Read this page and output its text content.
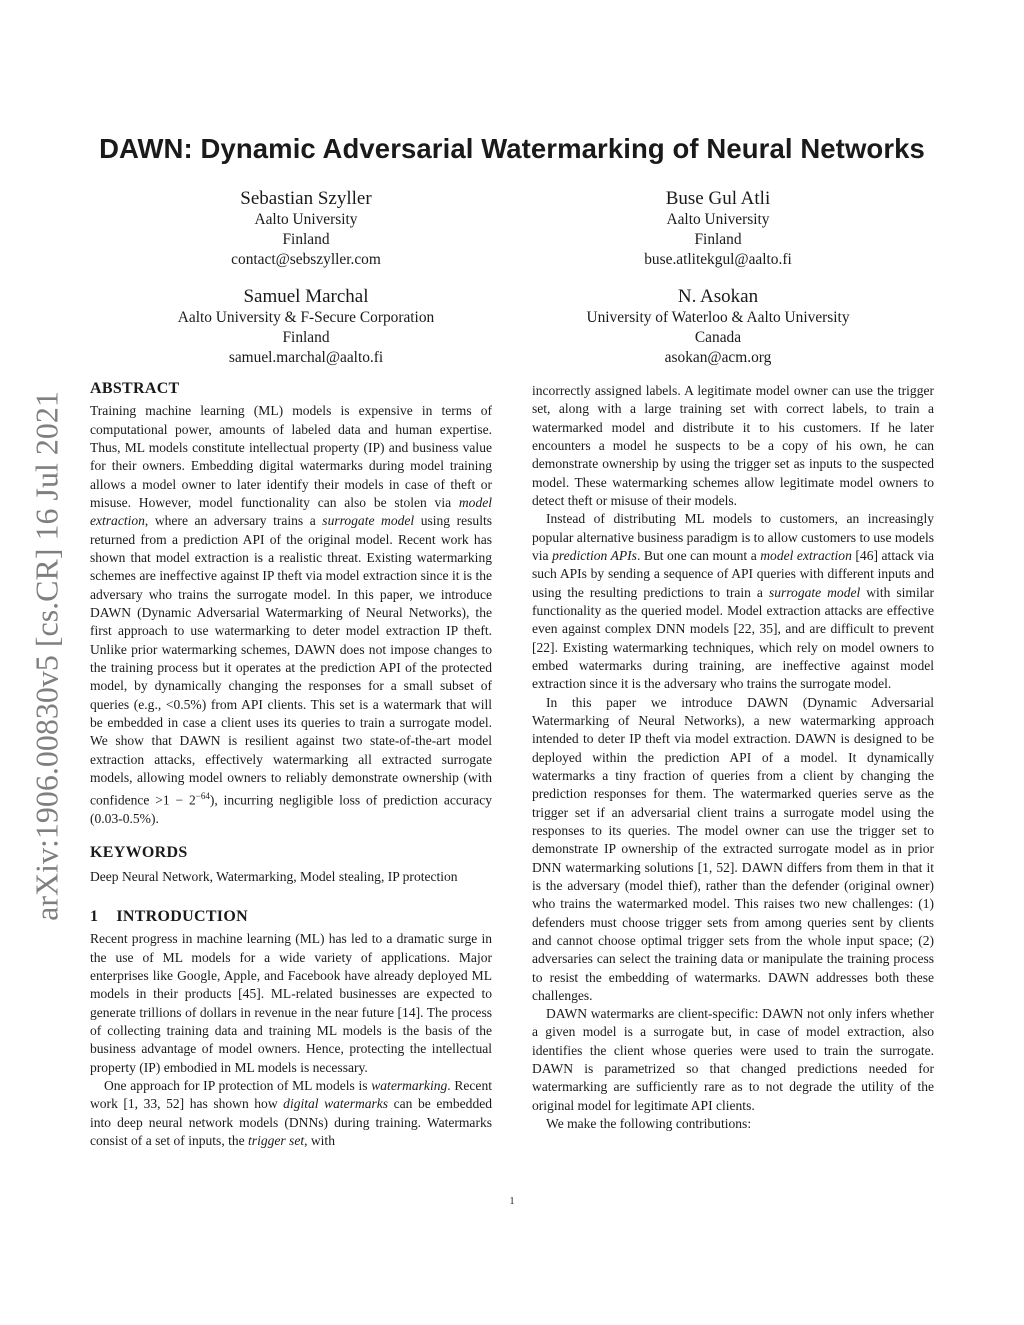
arXiv:1906.00830v5 [cs.CR] 16 Jul 2021
DAWN: Dynamic Adversarial Watermarking of Neural Networks
Sebastian Szyller
Aalto University
Finland
contact@sebszyller.com
Buse Gul Atli
Aalto University
Finland
buse.atlitekgul@aalto.fi
Samuel Marchal
Aalto University & F-Secure Corporation
Finland
samuel.marchal@aalto.fi
N. Asokan
University of Waterloo & Aalto University
Canada
asokan@acm.org
ABSTRACT

Training machine learning (ML) models is expensive in terms of computational power, amounts of labeled data and human expertise. Thus, ML models constitute intellectual property (IP) and business value for their owners. Embedding digital watermarks during model training allows a model owner to later identify their models in case of theft or misuse. However, model functionality can also be stolen via model extraction, where an adversary trains a surrogate model using results returned from a prediction API of the original model. Recent work has shown that model extraction is a realistic threat. Existing watermarking schemes are ineffective against IP theft via model extraction since it is the adversary who trains the surrogate model. In this paper, we introduce DAWN (Dynamic Adversarial Watermarking of Neural Networks), the first approach to use watermarking to deter model extraction IP theft. Unlike prior watermarking schemes, DAWN does not impose changes to the training process but it operates at the prediction API of the protected model, by dynamically changing the responses for a small subset of queries (e.g., <0.5%) from API clients. This set is a watermark that will be embedded in case a client uses its queries to train a surrogate model. We show that DAWN is resilient against two state-of-the-art model extraction attacks, effectively watermarking all extracted surrogate models, allowing model owners to reliably demonstrate ownership (with confidence $>1 - 2^{-64}$), incurring negligible loss of prediction accuracy (0.03-0.5%).

KEYWORDS

Deep Neural Network, Watermarking, Model stealing, IP protection

1 INTRODUCTION

Recent progress in machine learning (ML) has led to a dramatic surge in the use of ML models for a wide variety of applications. Major enterprises like Google, Apple, and Facebook have already deployed ML models in their products [45]. ML-related businesses are expected to generate trillions of dollars in revenue in the near future [14]. The process of collecting training data and training ML models is the basis of the business advantage of model owners. Hence, protecting the intellectual property (IP) embodied in ML models is necessary.

One approach for IP protection of ML models is watermarking. Recent work [1, 33, 52] has shown how digital watermarks can be embedded into deep neural network models (DNNs) during training. Watermarks consist of a set of inputs, the trigger set, with

incorrectly assigned labels. A legitimate model owner can use the trigger set, along with a large training set with correct labels, to train a watermarked model and distribute it to his customers. If he later encounters a model he suspects to be a copy of his own, he can demonstrate ownership by using the trigger set as inputs to the suspected model. These watermarking schemes allow legitimate model owners to detect theft or misuse of their models.

Instead of distributing ML models to customers, an increasingly popular alternative business paradigm is to allow customers to use models via prediction APIs. But one can mount a model extraction [46] attack via such APIs by sending a sequence of API queries with different inputs and using the resulting predictions to train a surrogate model with similar functionality as the queried model. Model extraction attacks are effective even against complex DNN models [22, 35], and are difficult to prevent [22]. Existing watermarking techniques, which rely on model owners to embed watermarks during training, are ineffective against model extraction since it is the adversary who trains the surrogate model.

In this paper we introduce DAWN (Dynamic Adversarial Watermarking of Neural Networks), a new watermarking approach intended to deter IP theft via model extraction. DAWN is designed to be deployed within the prediction API of a model. It dynamically watermarks a tiny fraction of queries from a client by changing the prediction responses for them. The watermarked queries serve as the trigger set if an adversarial client trains a surrogate model using the responses to its queries. The model owner can use the trigger set to demonstrate IP ownership of the extracted surrogate model as in prior DNN watermarking solutions [1, 52]. DAWN differs from them in that it is the adversary (model thief), rather than the defender (original owner) who trains the watermarked model. This raises two new challenges: (1) defenders must choose trigger sets from among queries sent by clients and cannot choose optimal trigger sets from the whole input space; (2) adversaries can select the training data or manipulate the training process to resist the embedding of watermarks. DAWN addresses both these challenges.

DAWN watermarks are client-specific: DAWN not only infers whether a given model is a surrogate but, in case of model extraction, also identifies the client whose queries were used to train the surrogate. DAWN is parametrized so that changed predictions needed for watermarking are sufficiently rare as to not degrade the utility of the original model for legitimate API clients.

We make the following contributions:

1
